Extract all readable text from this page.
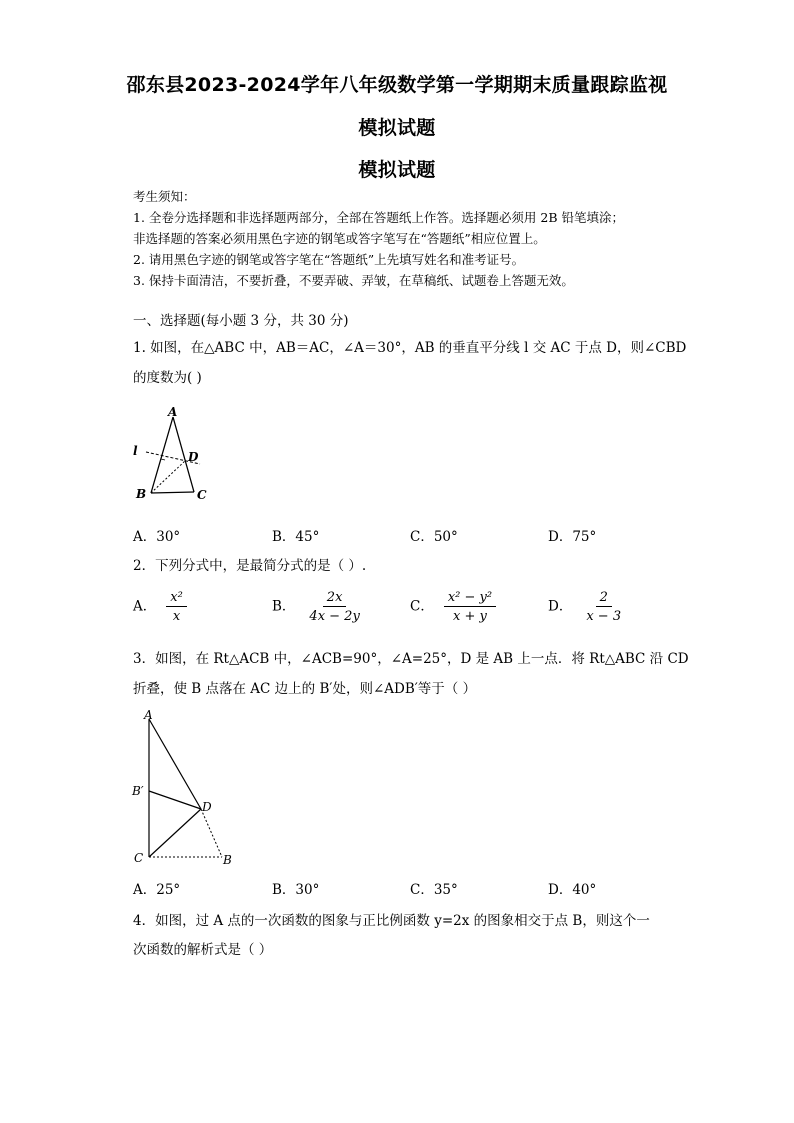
邵东县2023-2024学年八年级数学第一学期期末质量跟踪监视
模拟试题
模拟试题
考生须知：
1. 全卷分选择题和非选择题两部分，全部在答题纸上作答。选择题必须用 2B 铅笔填涂；
非选择题的答案必须用黑色字迹的钢笔或答字笔写在“答题纸”相应位置上。
2. 请用黑色字迹的钢笔或答字笔在“答题纸”上先填写姓名和准考证号。
3. 保持卡面清洁，不要折叠，不要弄破、弄皱，在草稿纸、试题卷上答题无效。
一、选择题(每小题 3 分，共 30 分)
1. 如图，在△ABC 中，AB＝AC，∠A＝30°，AB 的垂直平分线 l 交 AC 于点 D，则∠CBD
的度数为( )
A
l	D
B	C
A．30°	B．45°	C．50°	D．75°
2．下列分式中，是最简分式的是（ ）.
A． $\frac{\text{x²}}{x}$	B． $\frac{2x}{4x - 2y}$	C． $\frac{\text{x² − y²}}{x + y}$	D． $\frac{2}{x - 3}$
3．如图，在 Rt△ACB 中，∠ACB=90°，∠A=25°，D 是 AB 上一点．将 Rt△ABC 沿 CD
折叠，使 B 点落在 AC 边上的 B′处，则∠ADB′等于（ ）
A
B′
D
C	B
A．25°	B．30°	C．35°	D．40°
4．如图，过 A 点的一次函数的图象与正比例函数 y=2x 的图象相交于点 B，则这个一
次函数的解析式是（ ）
